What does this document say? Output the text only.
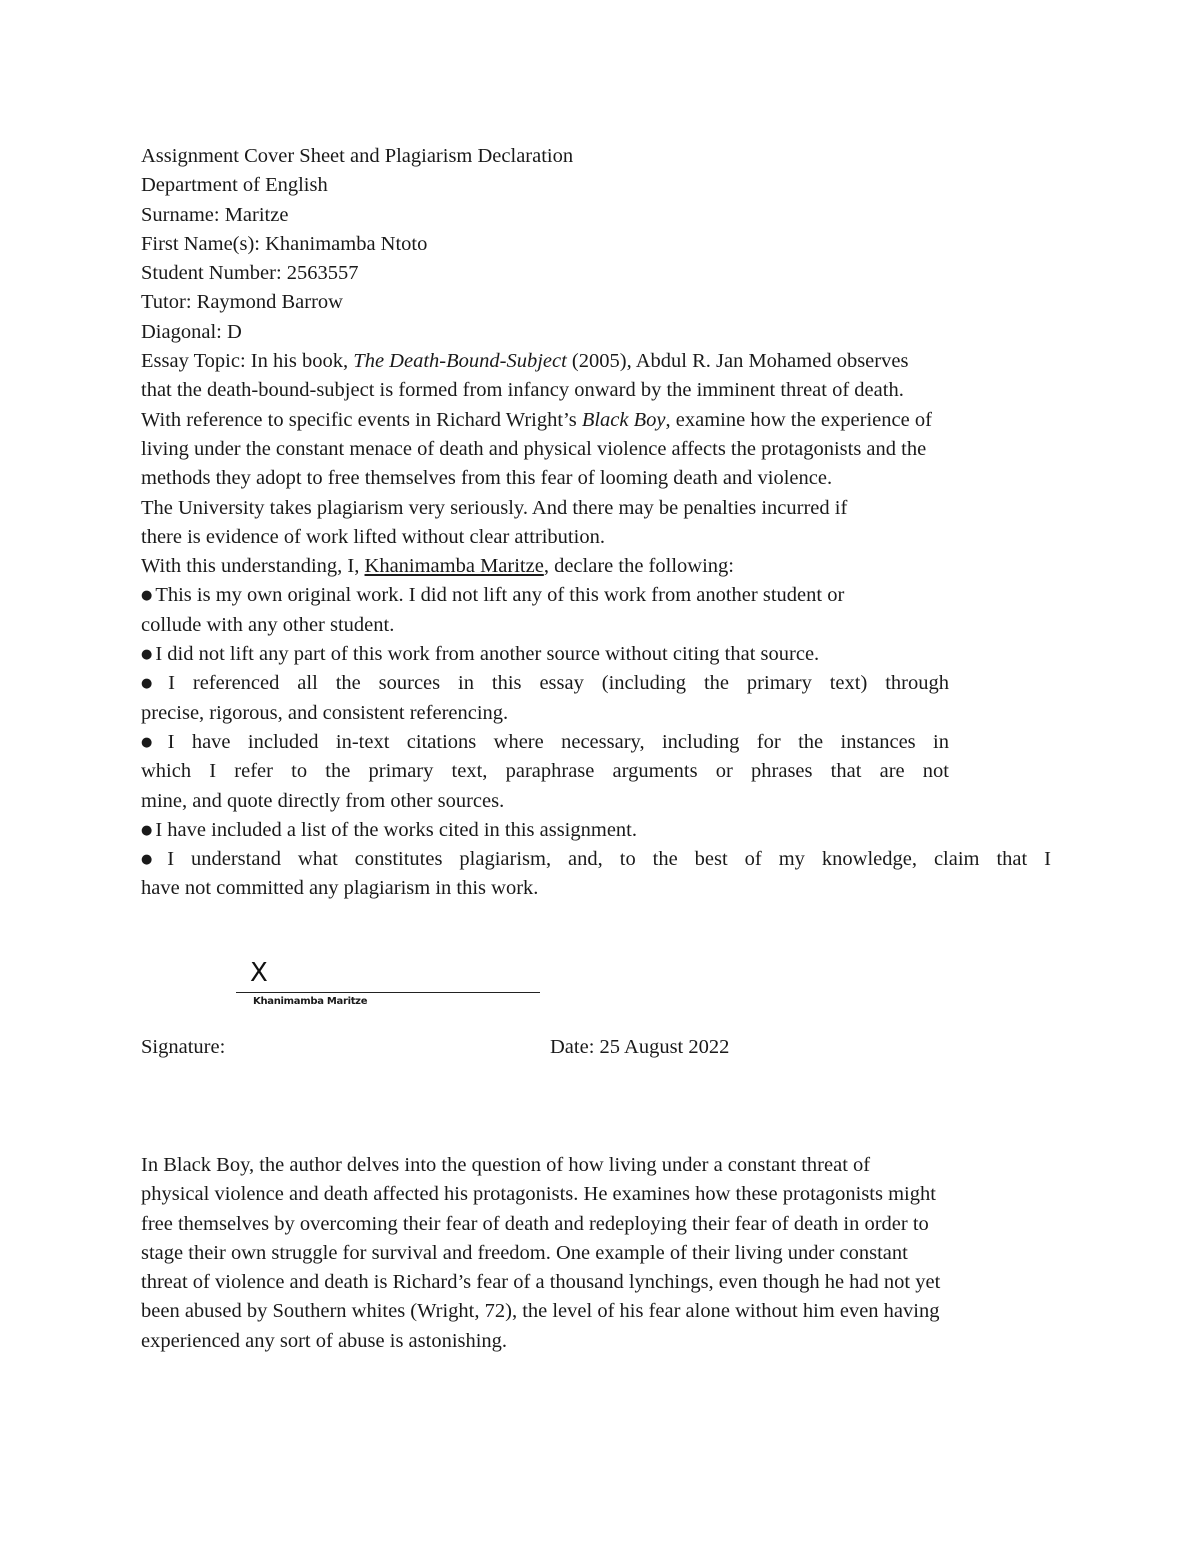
Assignment Cover Sheet and Plagiarism Declaration
Department of English
Surname: Maritze
First Name(s): Khanimamba Ntoto
Student Number: 2563557
Tutor: Raymond Barrow
Diagonal: D
Essay Topic: In his book, The Death-Bound-Subject (2005), Abdul R. Jan Mohamed observes
that the death-bound-subject is formed from infancy onward by the imminent threat of death.
With reference to specific events in Richard Wright’s Black Boy, examine how the experience of
living under the constant menace of death and physical violence affects the protagonists and the
methods they adopt to free themselves from this fear of looming death and violence.
The University takes plagiarism very seriously. And there may be penalties incurred if
there is evidence of work lifted without clear attribution.
With this understanding, I, Khanimamba Maritze, declare the following:
● This is my own original work. I did not lift any of this work from another student or
collude with any other student.
● I did not lift any part of this work from another source without citing that source.
● I referenced all the sources in this essay (including the primary text) through
precise, rigorous, and consistent referencing.
● I have included in-text citations where necessary, including for the instances in
which I refer to the primary text, paraphrase arguments or phrases that are not
mine, and quote directly from other sources.
● I have included a list of the works cited in this assignment.
● I understand what constitutes plagiarism, and, to the best of my knowledge, claim that I
have not committed any plagiarism in this work.
X
Khanimamba Maritze
Signature:	Date: 25 August 2022
In Black Boy, the author delves into the question of how living under a constant threat of
physical violence and death affected his protagonists. He examines how these protagonists might
free themselves by overcoming their fear of death and redeploying their fear of death in order to
stage their own struggle for survival and freedom. One example of their living under constant
threat of violence and death is Richard’s fear of a thousand lynchings, even though he had not yet
been abused by Southern whites (Wright, 72), the level of his fear alone without him even having
experienced any sort of abuse is astonishing.
